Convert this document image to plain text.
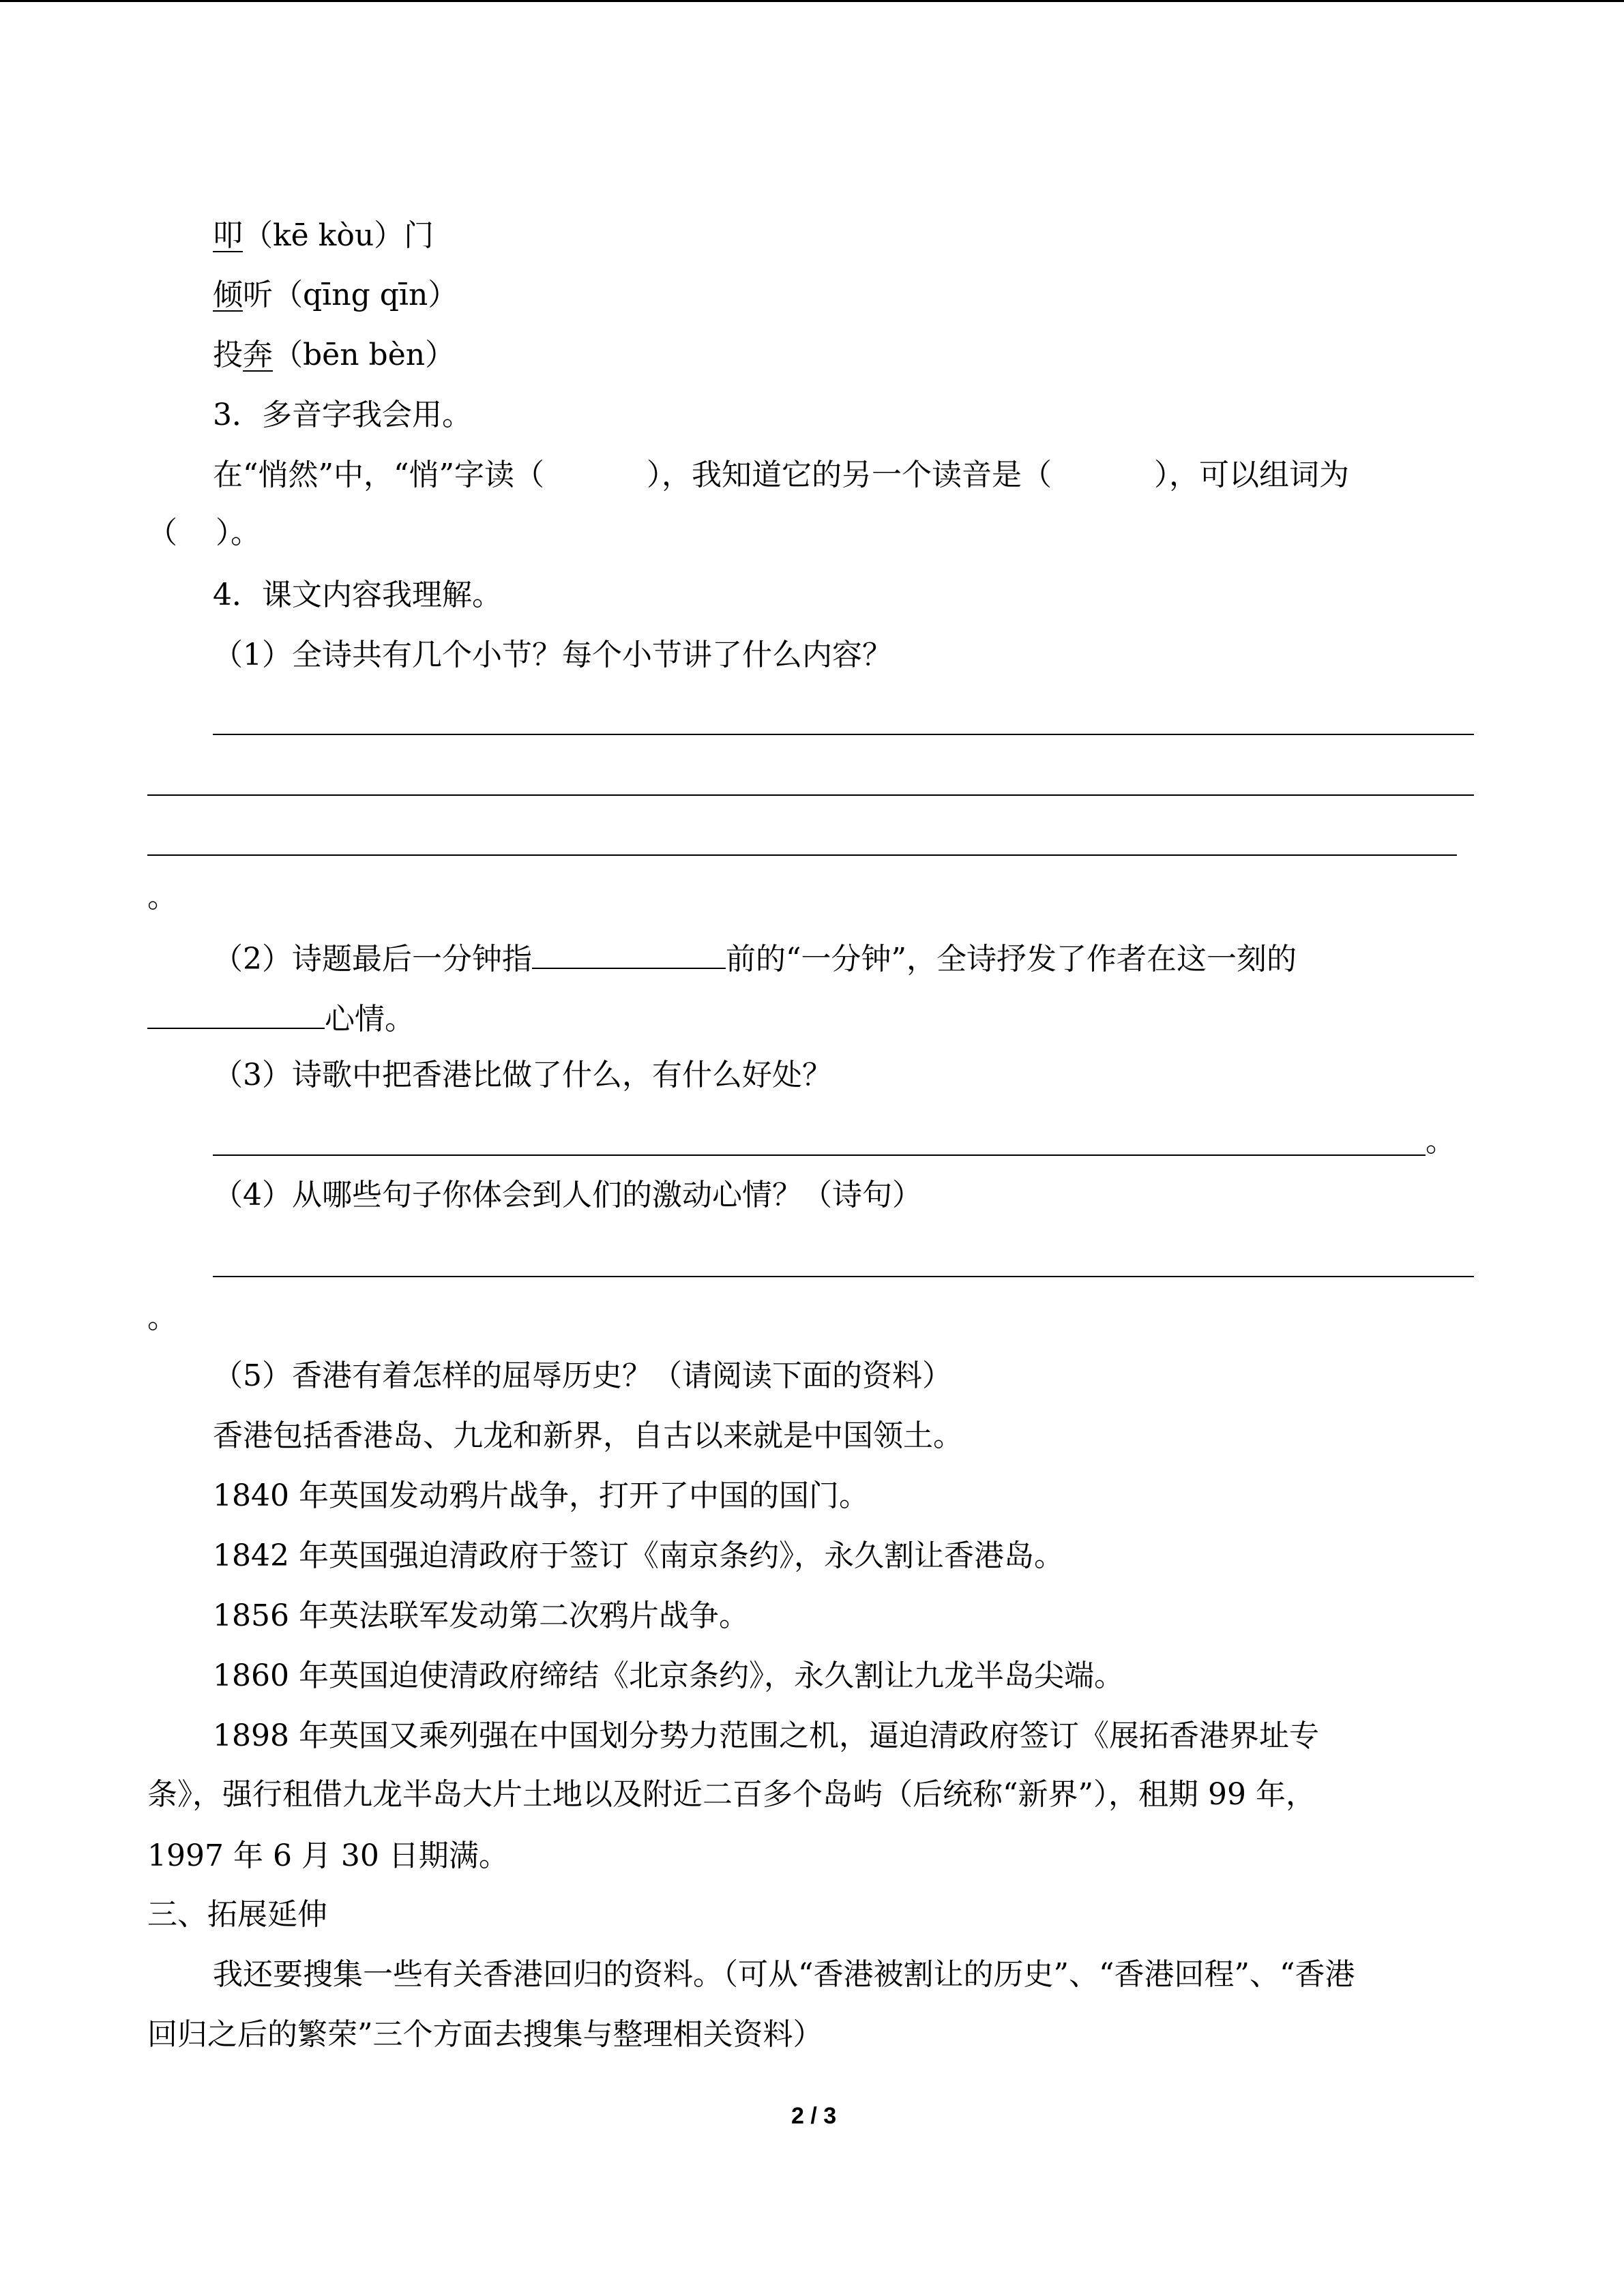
叩（kē kòu）门
倾听（qīng qīn）
投奔（bēn bèn）
3．多音字我会用。
在“悄然”中，“悄”字读（	），我知道它的另一个读音是（	），可以组词为
（ ）。
4．课文内容我理解。
（1）全诗共有几个小节？每个小节讲了什么内容？
。
（2）诗题最后一分钟指	前的“一分钟”，全诗抒发了作者在这一刻的
心情。
（3）诗歌中把香港比做了什么，有什么好处？
。
（4）从哪些句子你体会到人们的激动心情？（诗句）
。
（5）香港有着怎样的屈辱历史？（请阅读下面的资料）
香港包括香港岛、九龙和新界，自古以来就是中国领土。
1840 年英国发动鸦片战争，打开了中国的国门。
1842 年英国强迫清政府于签订《南京条约》，永久割让香港岛。
1856 年英法联军发动第二次鸦片战争。
1860 年英国迫使清政府缔结《北京条约》，永久割让九龙半岛尖端。
1898 年英国又乘列强在中国划分势力范围之机，逼迫清政府签订《展拓香港界址专
条》，强行租借九龙半岛大片土地以及附近二百多个岛屿（后统称“新界”），租期 99 年，
1997 年 6 月 30 日期满。
三、拓展延伸
我还要搜集一些有关香港回归的资料。（可从“香港被割让的历史”、“香港回程”、“香港
回归之后的繁荣”三个方面去搜集与整理相关资料）
2 / 3
